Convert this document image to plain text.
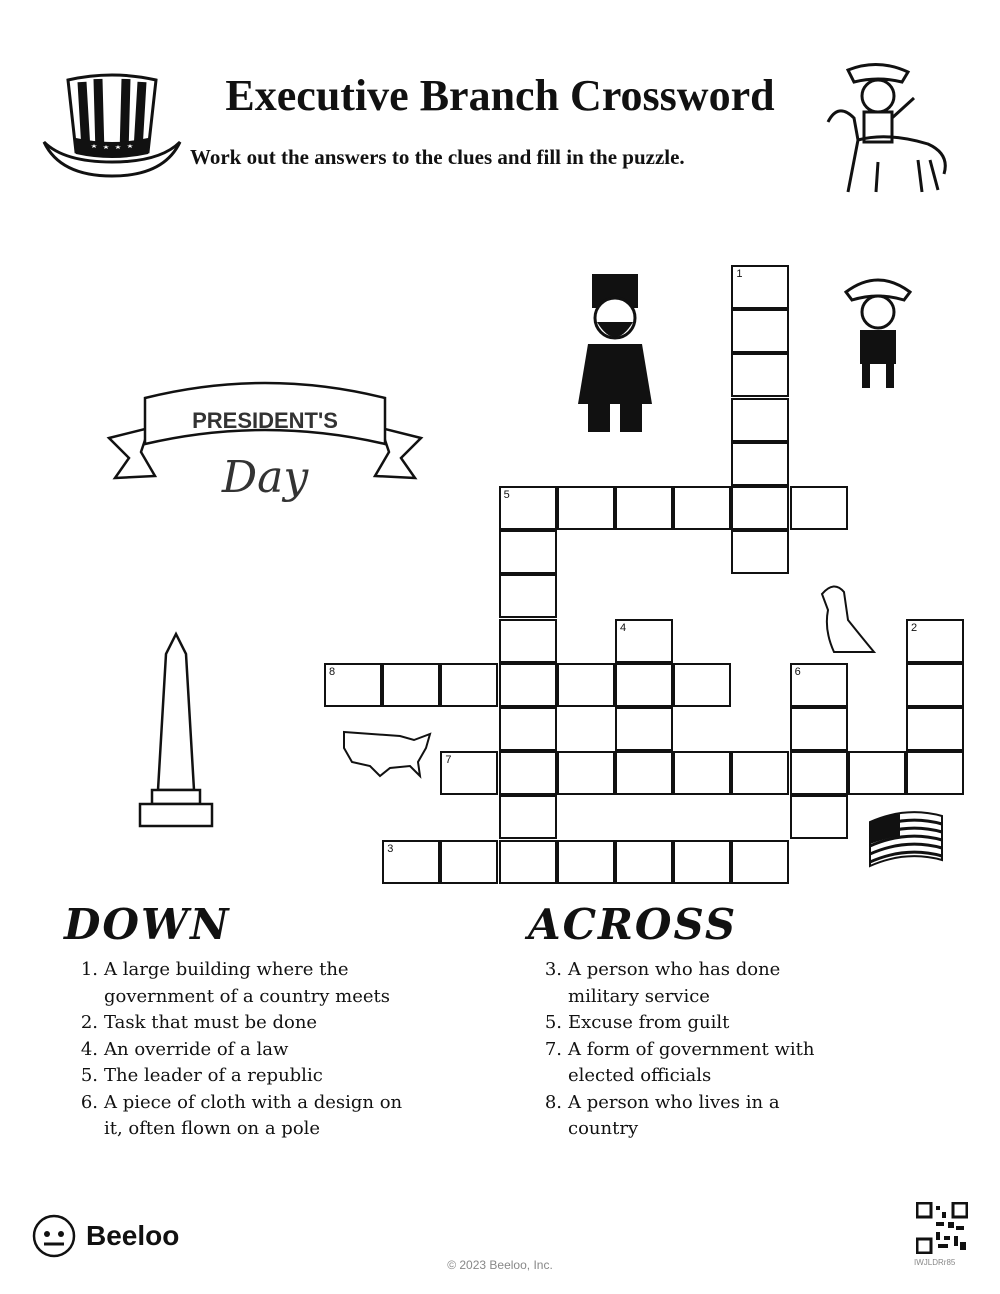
Executive Branch Crossword
Work out the answers to the clues and fill in the puzzle.
PRESIDENT'S
Day
1
2
3
4
5
6
7
8
DOWN
1. A large building where the government of a country meets
2. Task that must be done
4. An override of a law
5. The leader of a republic
6. A piece of cloth with a design on it, often flown on a pole
ACROSS
3. A person who has done military service
5. Excuse from guilt
7. A form of government with elected officials
8. A person who lives in a country
Beeloo
IWJLDRr85
© 2023 Beeloo, Inc.
